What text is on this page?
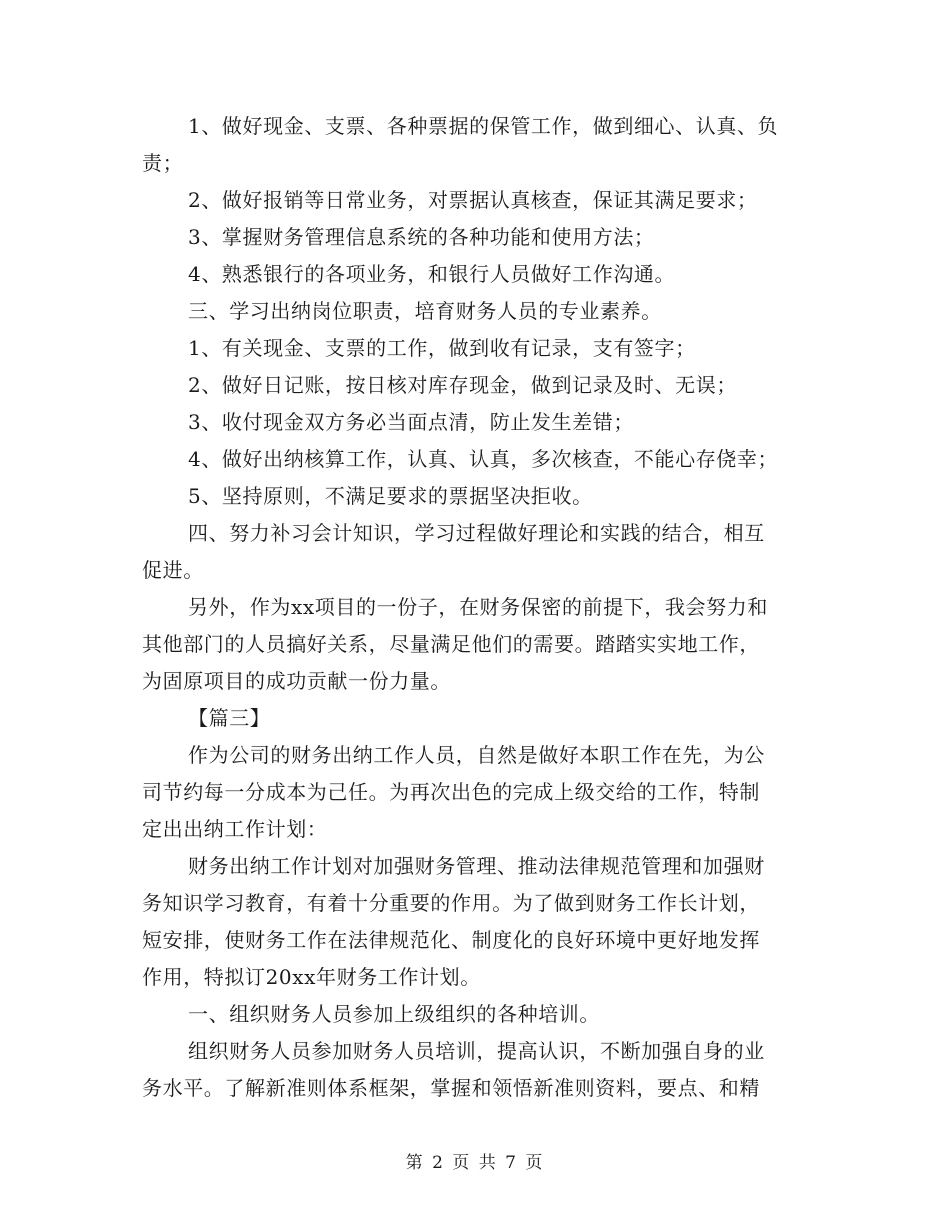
1、做好现金、支票、各种票据的保管工作，做到细心、认真、负
责；
2、做好报销等日常业务，对票据认真核查，保证其满足要求；
3、掌握财务管理信息系统的各种功能和使用方法；
4、熟悉银行的各项业务，和银行人员做好工作沟通。
三、学习出纳岗位职责，培育财务人员的专业素养。
1、有关现金、支票的工作，做到收有记录，支有签字；
2、做好日记账，按日核对库存现金，做到记录及时、无误；
3、收付现金双方务必当面点清，防止发生差错；
4、做好出纳核算工作，认真、认真，多次核查，不能心存侥幸；
5、坚持原则，不满足要求的票据坚决拒收。
四、努力补习会计知识，学习过程做好理论和实践的结合，相互
促进。
另外，作为xx项目的一份子，在财务保密的前提下，我会努力和
其他部门的人员搞好关系，尽量满足他们的需要。踏踏实实地工作，
为固原项目的成功贡献一份力量。
【篇三】
作为公司的财务出纳工作人员，自然是做好本职工作在先，为公
司节约每一分成本为己任。为再次出色的完成上级交给的工作，特制
定出出纳工作计划：
财务出纳工作计划对加强财务管理、推动法律规范管理和加强财
务知识学习教育，有着十分重要的作用。为了做到财务工作长计划，
短安排，使财务工作在法律规范化、制度化的良好环境中更好地发挥
作用，特拟订20xx年财务工作计划。
一、组织财务人员参加上级组织的各种培训。
组织财务人员参加财务人员培训，提高认识，不断加强自身的业
务水平。了解新准则体系框架，掌握和领悟新准则资料，要点、和精
第 2 页 共 7 页
